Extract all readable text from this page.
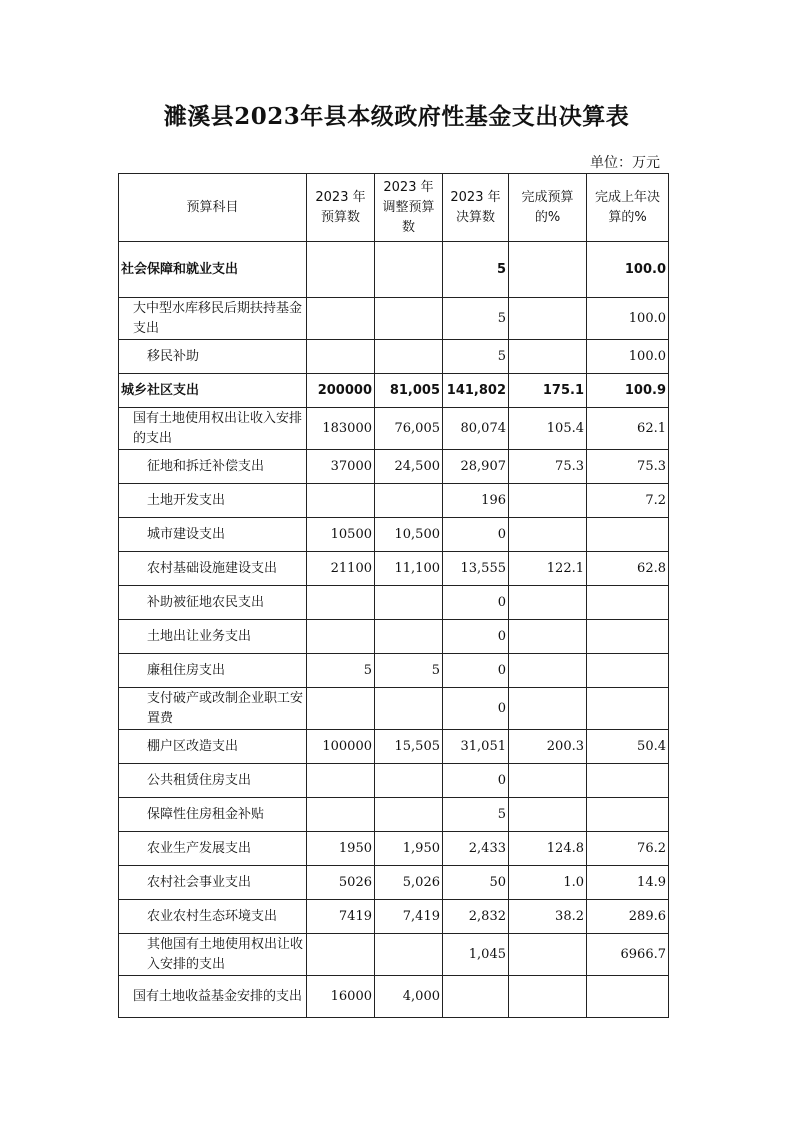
濉溪县2023年县本级政府性基金支出决算表
单位：万元
预算科目	2023 年预算数	2023 年调整预算数	2023 年决算数	完成预算的%	完成上年决算的%
社会保障和就业支出			5		100.0
大中型水库移民后期扶持基金支出			5		100.0
移民补助			5		100.0
城乡社区支出	200000	81,005	141,802	175.1	100.9
国有土地使用权出让收入安排的支出	183000	76,005	80,074	105.4	62.1
征地和拆迁补偿支出	37000	24,500	28,907	75.3	75.3
土地开发支出			196		7.2
城市建设支出	10500	10,500	0		
农村基础设施建设支出	21100	11,100	13,555	122.1	62.8
补助被征地农民支出			0		
土地出让业务支出			0		
廉租住房支出	5	5	0		
支付破产或改制企业职工安置费			0		
棚户区改造支出	100000	15,505	31,051	200.3	50.4
公共租赁住房支出			0		
保障性住房租金补贴			5		
农业生产发展支出	1950	1,950	2,433	124.8	76.2
农村社会事业支出	5026	5,026	50	1.0	14.9
农业农村生态环境支出	7419	7,419	2,832	38.2	289.6
其他国有土地使用权出让收入安排的支出			1,045		6966.7
国有土地收益基金安排的支出	16000	4,000			
